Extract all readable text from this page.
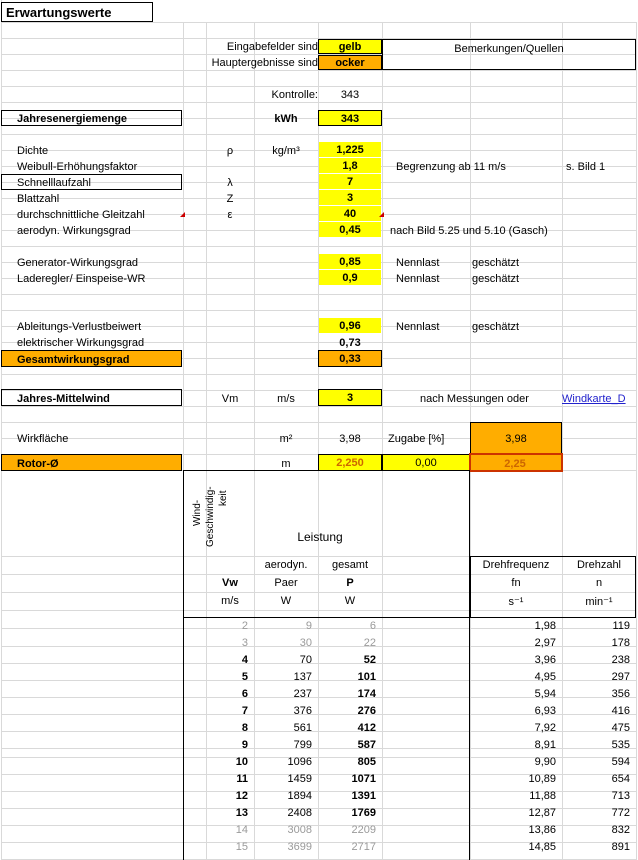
Erwartungswerte
Eingabefelder sind	gelb
Hauptergebnisse sind	ocker
Bemerkungen/Quellen
Kontrolle:	343
Jahresenergiemenge	kWh	343
Dichte	ρ	kg/m³	1,225
Weibull-Erhöhungsfaktor	1,8	Begrenzung ab 11 m/s	s. Bild 1
Schnelllaufzahl	λ	7
Blattzahl	Z	3
durchschnittliche Gleitzahl	ε	40
aerodyn. Wirkungsgrad	0,45	nach Bild 5.25 und 5.10 (Gasch)
Generator-Wirkungsgrad	0,85	Nennlast	geschätzt
Laderegler/ Einspeise-WR	0,9	Nennlast	geschätzt
Ableitungs-Verlustbeiwert	0,96	Nennlast	geschätzt
elektrischer Wirkungsgrad	0,73
Gesamtwirkungsgrad	0,33
Jahres-Mittelwind	Vm	m/s	3	nach Messungen oder	Windkarte_D
Wirkfläche	m²	3,98	Zugabe [%]	3,98
Rotor-Ø	m	2,250	0,00	2,25
Wind- Geschwindig- keit
Leistung
aerodyn.	gesamt	Drehfrequenz	Drehzahl
Vw	Paer	P	fn	n
m/s	W	W	s⁻¹	min⁻¹
2	9	6	1,98	119
3	30	22	2,97	178
4	70	52	3,96	238
5	137	101	4,95	297
6	237	174	5,94	356
7	376	276	6,93	416
8	561	412	7,92	475
9	799	587	8,91	535
10	1096	805	9,90	594
11	1459	1071	10,89	654
12	1894	1391	11,88	713
13	2408	1769	12,87	772
14	3008	2209	13,86	832
15	3699	2717	14,85	891
